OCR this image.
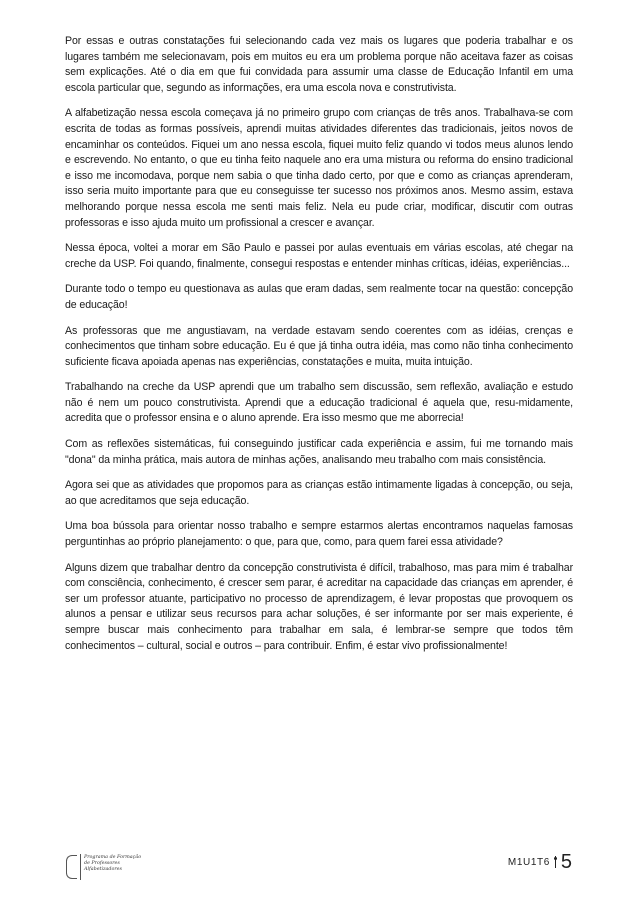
Por essas e outras constatações fui selecionando cada vez mais os lugares que poderia trabalhar e os lugares também me selecionavam, pois em muitos eu era um problema porque não aceitava fazer as coisas sem explicações. Até o dia em que fui convidada para assumir uma classe de Educação Infantil em uma escola particular que, segundo as informações, era uma escola nova e construtivista.

A alfabetização nessa escola começava já no primeiro grupo com crianças de três anos. Trabalhava-se com escrita de todas as formas possíveis, aprendi muitas atividades diferentes das tradicionais, jeitos novos de encaminhar os conteúdos. Fiquei um ano nessa escola, fiquei muito feliz quando vi todos meus alunos lendo e escrevendo. No entanto, o que eu tinha feito naquele ano era uma mistura ou reforma do ensino tradicional e isso me incomodava, porque nem sabia o que tinha dado certo, por que e como as crianças aprenderam, isso seria muito importante para que eu conseguisse ter sucesso nos próximos anos. Mesmo assim, estava melhorando porque nessa escola me senti mais feliz. Nela eu pude criar, modificar, discutir com outras professoras e isso ajuda muito um profissional a crescer e avançar.

Nessa época, voltei a morar em São Paulo e passei por aulas eventuais em várias escolas, até chegar na creche da USP. Foi quando, finalmente, consegui respostas e entender minhas críticas, idéias, experiências...

Durante todo o tempo eu questionava as aulas que eram dadas, sem realmente tocar na questão: concepção de educação!

As professoras que me angustiavam, na verdade estavam sendo coerentes com as idéias, crenças e conhecimentos que tinham sobre educação. Eu é que já tinha outra idéia, mas como não tinha conhecimento suficiente ficava apoiada apenas nas experiências, constatações e muita, muita intuição.

Trabalhando na creche da USP aprendi que um trabalho sem discussão, sem reflexão, avaliação e estudo não é nem um pouco construtivista. Aprendi que a educação tradicional é aquela que, resu-midamente, acredita que o professor ensina e o aluno aprende. Era isso mesmo que me aborrecia!

Com as reflexões sistemáticas, fui conseguindo justificar cada experiência e assim, fui me tornando mais "dona" da minha prática, mais autora de minhas ações, analisando meu trabalho com mais consistência.

Agora sei que as atividades que propomos para as crianças estão intimamente ligadas à concepção, ou seja, ao que acreditamos que seja educação.

Uma boa bússola para orientar nosso trabalho e sempre estarmos alertas encontramos naquelas famosas perguntinhas ao próprio planejamento: o que, para que, como, para quem farei essa atividade?

Alguns dizem que trabalhar dentro da concepção construtivista é difícil, trabalhoso, mas para mim é trabalhar com consciência, conhecimento, é crescer sem parar, é acreditar na capacidade das crianças em aprender, é ser um professor atuante, participativo no processo de aprendizagem, é levar propostas que provoquem os alunos a pensar e utilizar seus recursos para achar soluções, é ser informante por ser mais experiente, é sempre buscar mais conhecimento para trabalhar em sala, é lembrar-se sempre que todos têm conhecimentos – cultural, social e outros – para contribuir. Enfim, é estar vivo profissionalmente!

Programa de Formação
de Professores
Alfabetizadores
M1U1T6 5
